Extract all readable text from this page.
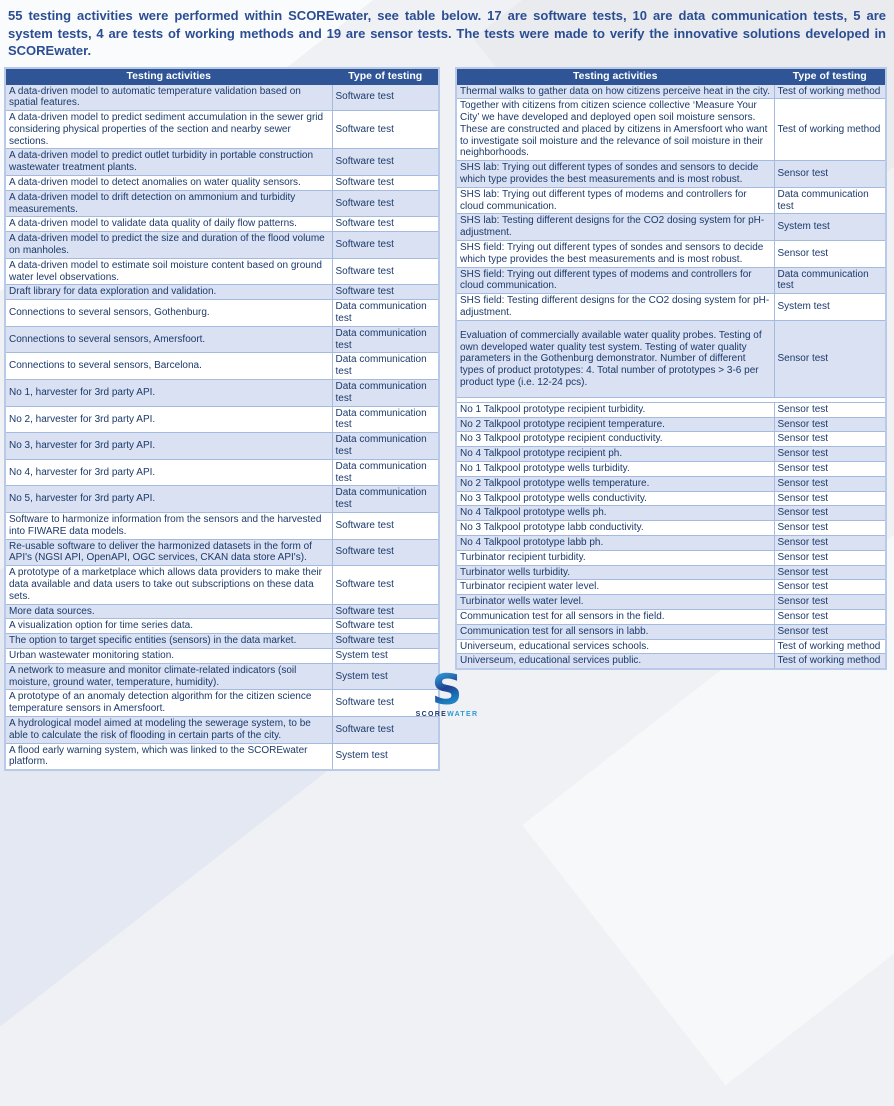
55 testing activities were performed within SCOREwater, see table below. 17 are software tests, 10 are data communication tests, 5 are system tests, 4 are tests of working methods and 19 are sensor tests. The tests were made to verify the innovative solutions developed in SCOREwater.

Testing activities	Type of testing
A data-driven model to automatic temperature validation based on spatial features.	Software test
A data-driven model to predict sediment accumulation in the sewer grid considering physical properties of the section and nearby sewer sections.	Software test
A data-driven model to predict outlet turbidity in portable construction wastewater treatment plants.	Software test
A data-driven model to detect anomalies on water quality sensors.	Software test
A data-driven model to drift detection on ammonium and turbidity measurements.	Software test
A data-driven model to validate data quality of daily flow patterns.	Software test
A data-driven model to predict the size and duration of the flood volume on manholes.	Software test
A data-driven model to estimate soil moisture content based on ground water level observations.	Software test
Draft library for data exploration and validation.	Software test
Connections to several sensors, Gothenburg.	Data communication test
Connections to several sensors, Amersfoort.	Data communication test
Connections to several sensors, Barcelona.	Data communication test
No 1, harvester for 3rd party API.	Data communication test
No 2, harvester for 3rd party API.	Data communication test
No 3, harvester for 3rd party API.	Data communication test
No 4, harvester for 3rd party API.	Data communication test
No 5, harvester for 3rd party API.	Data communication test
Software to harmonize information from the sensors and the harvested into FIWARE data models.	Software test
Re-usable software to deliver the harmonized datasets in the form of API's (NGSI API, OpenAPI, OGC services, CKAN data store API's).	Software test
A prototype of a marketplace which allows data providers to make their data available and data users to take out subscriptions on these data sets.	Software test
More data sources.	Software test
A visualization option for time series data.	Software test
The option to target specific entities (sensors) in the data market.	Software test
Urban wastewater monitoring station.	System test
A network to measure and monitor climate-related indicators (soil moisture, ground water, temperature, humidity).	System test
A prototype of an anomaly detection algorithm for the citizen science temperature sensors in Amersfoort.	Software test
A hydrological model aimed at modeling the sewerage system, to be able to calculate the risk of flooding in certain parts of the city.	Software test
A flood early warning system, which was linked to the SCOREwater platform.	System test
Testing activities	Type of testing
Thermal walks to gather data on how citizens perceive heat in the city.	Test of working method
Together with citizens from citizen science collective ‘Measure Your City’ we have developed and deployed open soil moisture sensors. These are constructed and placed by citizens in Amersfoort who want to investigate soil moisture and the relevance of soil moisture in their neighborhoods.	Test of working method
SHS lab: Trying out different types of sondes and sensors to decide which type provides the best measurements and is most robust.	Sensor test
SHS lab: Trying out different types of modems and controllers for cloud communication.	Data communication test
SHS lab: Testing different designs for the CO2 dosing system for pH-adjustment.	System test
SHS field: Trying out different types of sondes and sensors to decide which type provides the best measurements and is most robust.	Sensor test
SHS field: Trying out different types of modems and controllers for cloud communication.	Data communication test
SHS field: Testing different designs for the CO2 dosing system for pH-adjustment.	System test
Evaluation of commercially available water quality probes. Testing of own developed water quality test system. Testing of water quality parameters in the Gothenburg demonstrator. Number of different types of product prototypes: 4. Total number of prototypes > 3-6 per product type (i.e. 12-24 pcs).	Sensor test

No 1 Talkpool prototype recipient turbidity.	Sensor test
No 2 Talkpool prototype recipient temperature.	Sensor test
No 3 Talkpool prototype recipient conductivity.	Sensor test
No 4 Talkpool prototype recipient ph.	Sensor test
No 1 Talkpool prototype wells turbidity.	Sensor test
No 2 Talkpool prototype wells temperature.	Sensor test
No 3 Talkpool prototype wells conductivity.	Sensor test
No 4 Talkpool prototype wells ph.	Sensor test
No 3 Talkpool prototype labb conductivity.	Sensor test
No 4 Talkpool prototype labb ph.	Sensor test
Turbinator recipient turbidity.	Sensor test
Turbinator wells turbidity.	Sensor test
Turbinator recipient water level.	Sensor test
Turbinator wells water level.	Sensor test
Communication test for all sensors in the field.	Sensor test
Communication test for all sensors in labb.	Sensor test
Universeum, educational services schools.	Test of working method
Universeum, educational services public.	Test of working method
S
SCOREWATER
